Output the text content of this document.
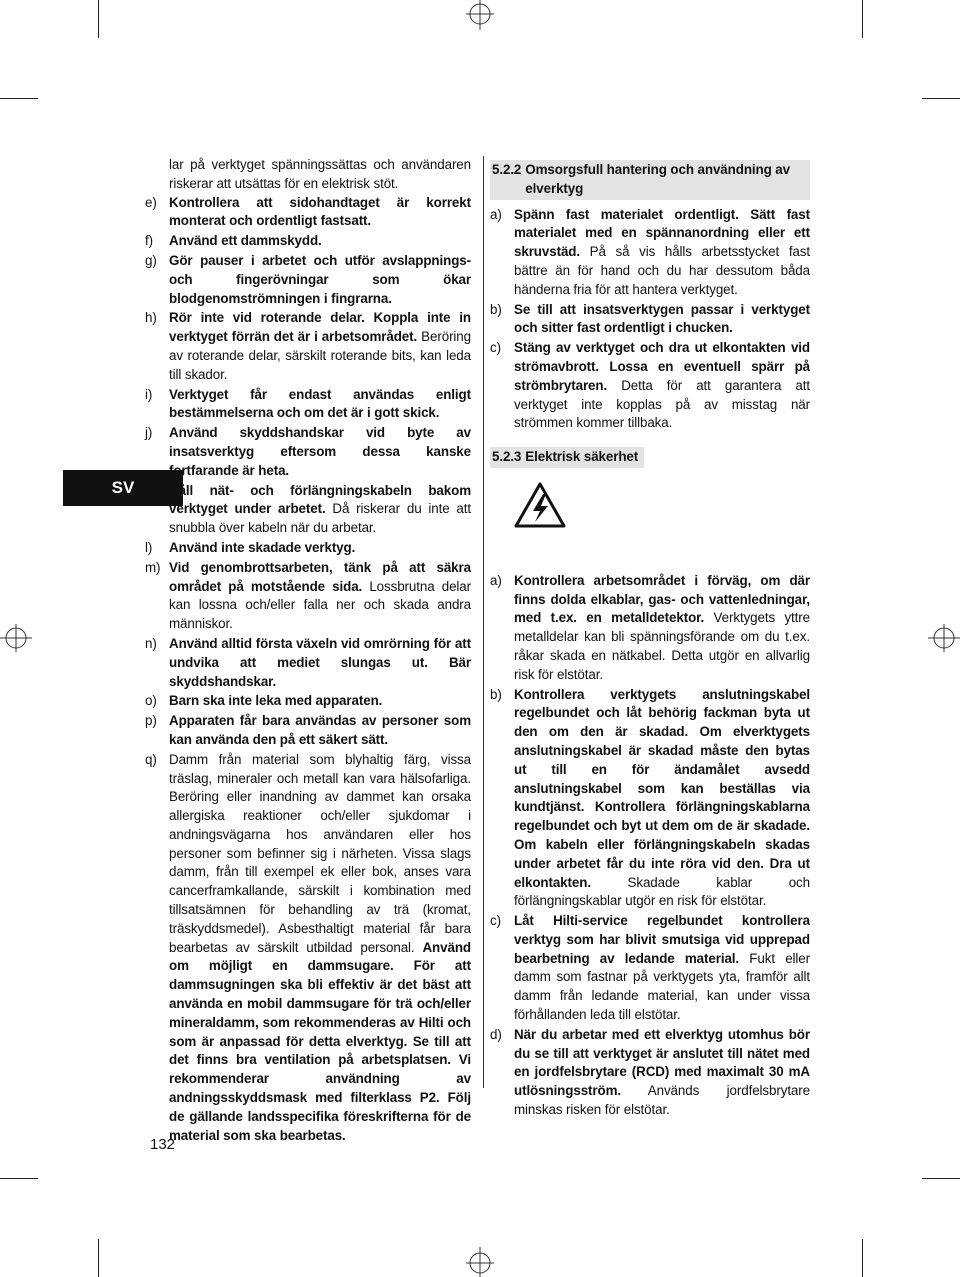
SV
lar på verktyget spänningssättas och användaren riskerar att utsättas för en elektrisk stöt.
e) Kontrollera att sidohandtaget är korrekt monterat och ordentligt fastsatt.
f)	Använd ett dammskydd.
g) Gör pauser i arbetet och utför avslappnings- och fingerövningar som ökar blodgenomströmningen i fingrarna.
h) Rör inte vid roterande delar. Koppla inte in verktyget förrän det är i arbetsområdet. Beröring av roterande delar, särskilt roterande bits, kan leda till skador.
i)	Verktyget får endast användas enligt bestämmelserna och om det är i gott skick.
j)	Använd skyddshandskar vid byte av insatsverktyg eftersom dessa kanske fortfarande är heta.
k) Håll nät- och förlängningskabeln bakom verktyget under arbetet. Då riskerar du inte att snubbla över kabeln när du arbetar.
l)	Använd inte skadade verktyg.
m) Vid genombrottsarbeten, tänk på att säkra området på motstående sida. Lossbrutna delar kan lossna och/eller falla ner och skada andra människor.
n) Använd alltid första växeln vid omrörning för att undvika att mediet slungas ut. Bär skyddshandskar.
o) Barn ska inte leka med apparaten.
p) Apparaten får bara användas av personer som kan använda den på ett säkert sätt.
q) Damm från material som blyhaltig färg, vissa träslag, mineraler och metall kan vara hälsofarliga. Beröring eller inandning av dammet kan orsaka allergiska reaktioner och/eller sjukdomar i andningsvägarna hos användaren eller hos personer som befinner sig i närheten. Vissa slags damm, från till exempel ek eller bok, anses vara cancerframkallande, särskilt i kombination med tillsatsämnen för behandling av trä (kromat, träskyddsmedel). Asbesthaltigt material får bara bearbetas av särskilt utbildad personal. Använd om möjligt en dammsugare. För att dammsugningen ska bli effektiv är det bäst att använda en mobil dammsugare för trä och/eller mineraldamm, som rekommenderas av Hilti och som är anpassad för detta elverktyg. Se till att det finns bra ventilation på arbetsplatsen. Vi rekommenderar användning av andningsskyddsmask med filterklass P2. Följ de gällande landsspecifika föreskrifterna för de material som ska bearbetas.
5.2.2 Omsorgsfull hantering och användning av elverktyg
a) Spänn fast materialet ordentligt. Sätt fast materialet med en spännanordning eller ett skruvstäd. På så vis hålls arbetsstycket fast bättre än för hand och du har dessutom båda händerna fria för att hantera verktyget.
b) Se till att insatsverktygen passar i verktyget och sitter fast ordentligt i chucken.
c) Stäng av verktyget och dra ut elkontakten vid strömavbrott. Lossa en eventuell spärr på strömbrytaren. Detta för att garantera att verktyget inte kopplas på av misstag när strömmen kommer tillbaka.
5.2.3 Elektrisk säkerhet
a) Kontrollera arbetsområdet i förväg, om där finns dolda elkablar, gas- och vattenledningar, med t.ex. en metalldetektor. Verktygets yttre metalldelar kan bli spänningsförande om du t.ex. råkar skada en nätkabel. Detta utgör en allvarlig risk för elstötar.
b) Kontrollera verktygets anslutningskabel regelbundet och låt behörig fackman byta ut den om den är skadad. Om elverktygets anslutningskabel är skadad måste den bytas ut till en för ändamålet avsedd anslutningskabel som kan beställas via kundtjänst. Kontrollera förlängningskablarna regelbundet och byt ut dem om de är skadade. Om kabeln eller förlängningskabeln skadas under arbetet får du inte röra vid den. Dra ut elkontakten. Skadade kablar och förlängningskablar utgör en risk för elstötar.
c) Låt Hilti-service regelbundet kontrollera verktyg som har blivit smutsiga vid upprepad bearbetning av ledande material. Fukt eller damm som fastnar på verktygets yta, framför allt damm från ledande material, kan under vissa förhållanden leda till elstötar.
d) När du arbetar med ett elverktyg utomhus bör du se till att verktyget är anslutet till nätet med en jordfelsbrytare (RCD) med maximalt 30 mA utlösningsström. Används jordfelsbrytare minskas risken för elstötar.
132
